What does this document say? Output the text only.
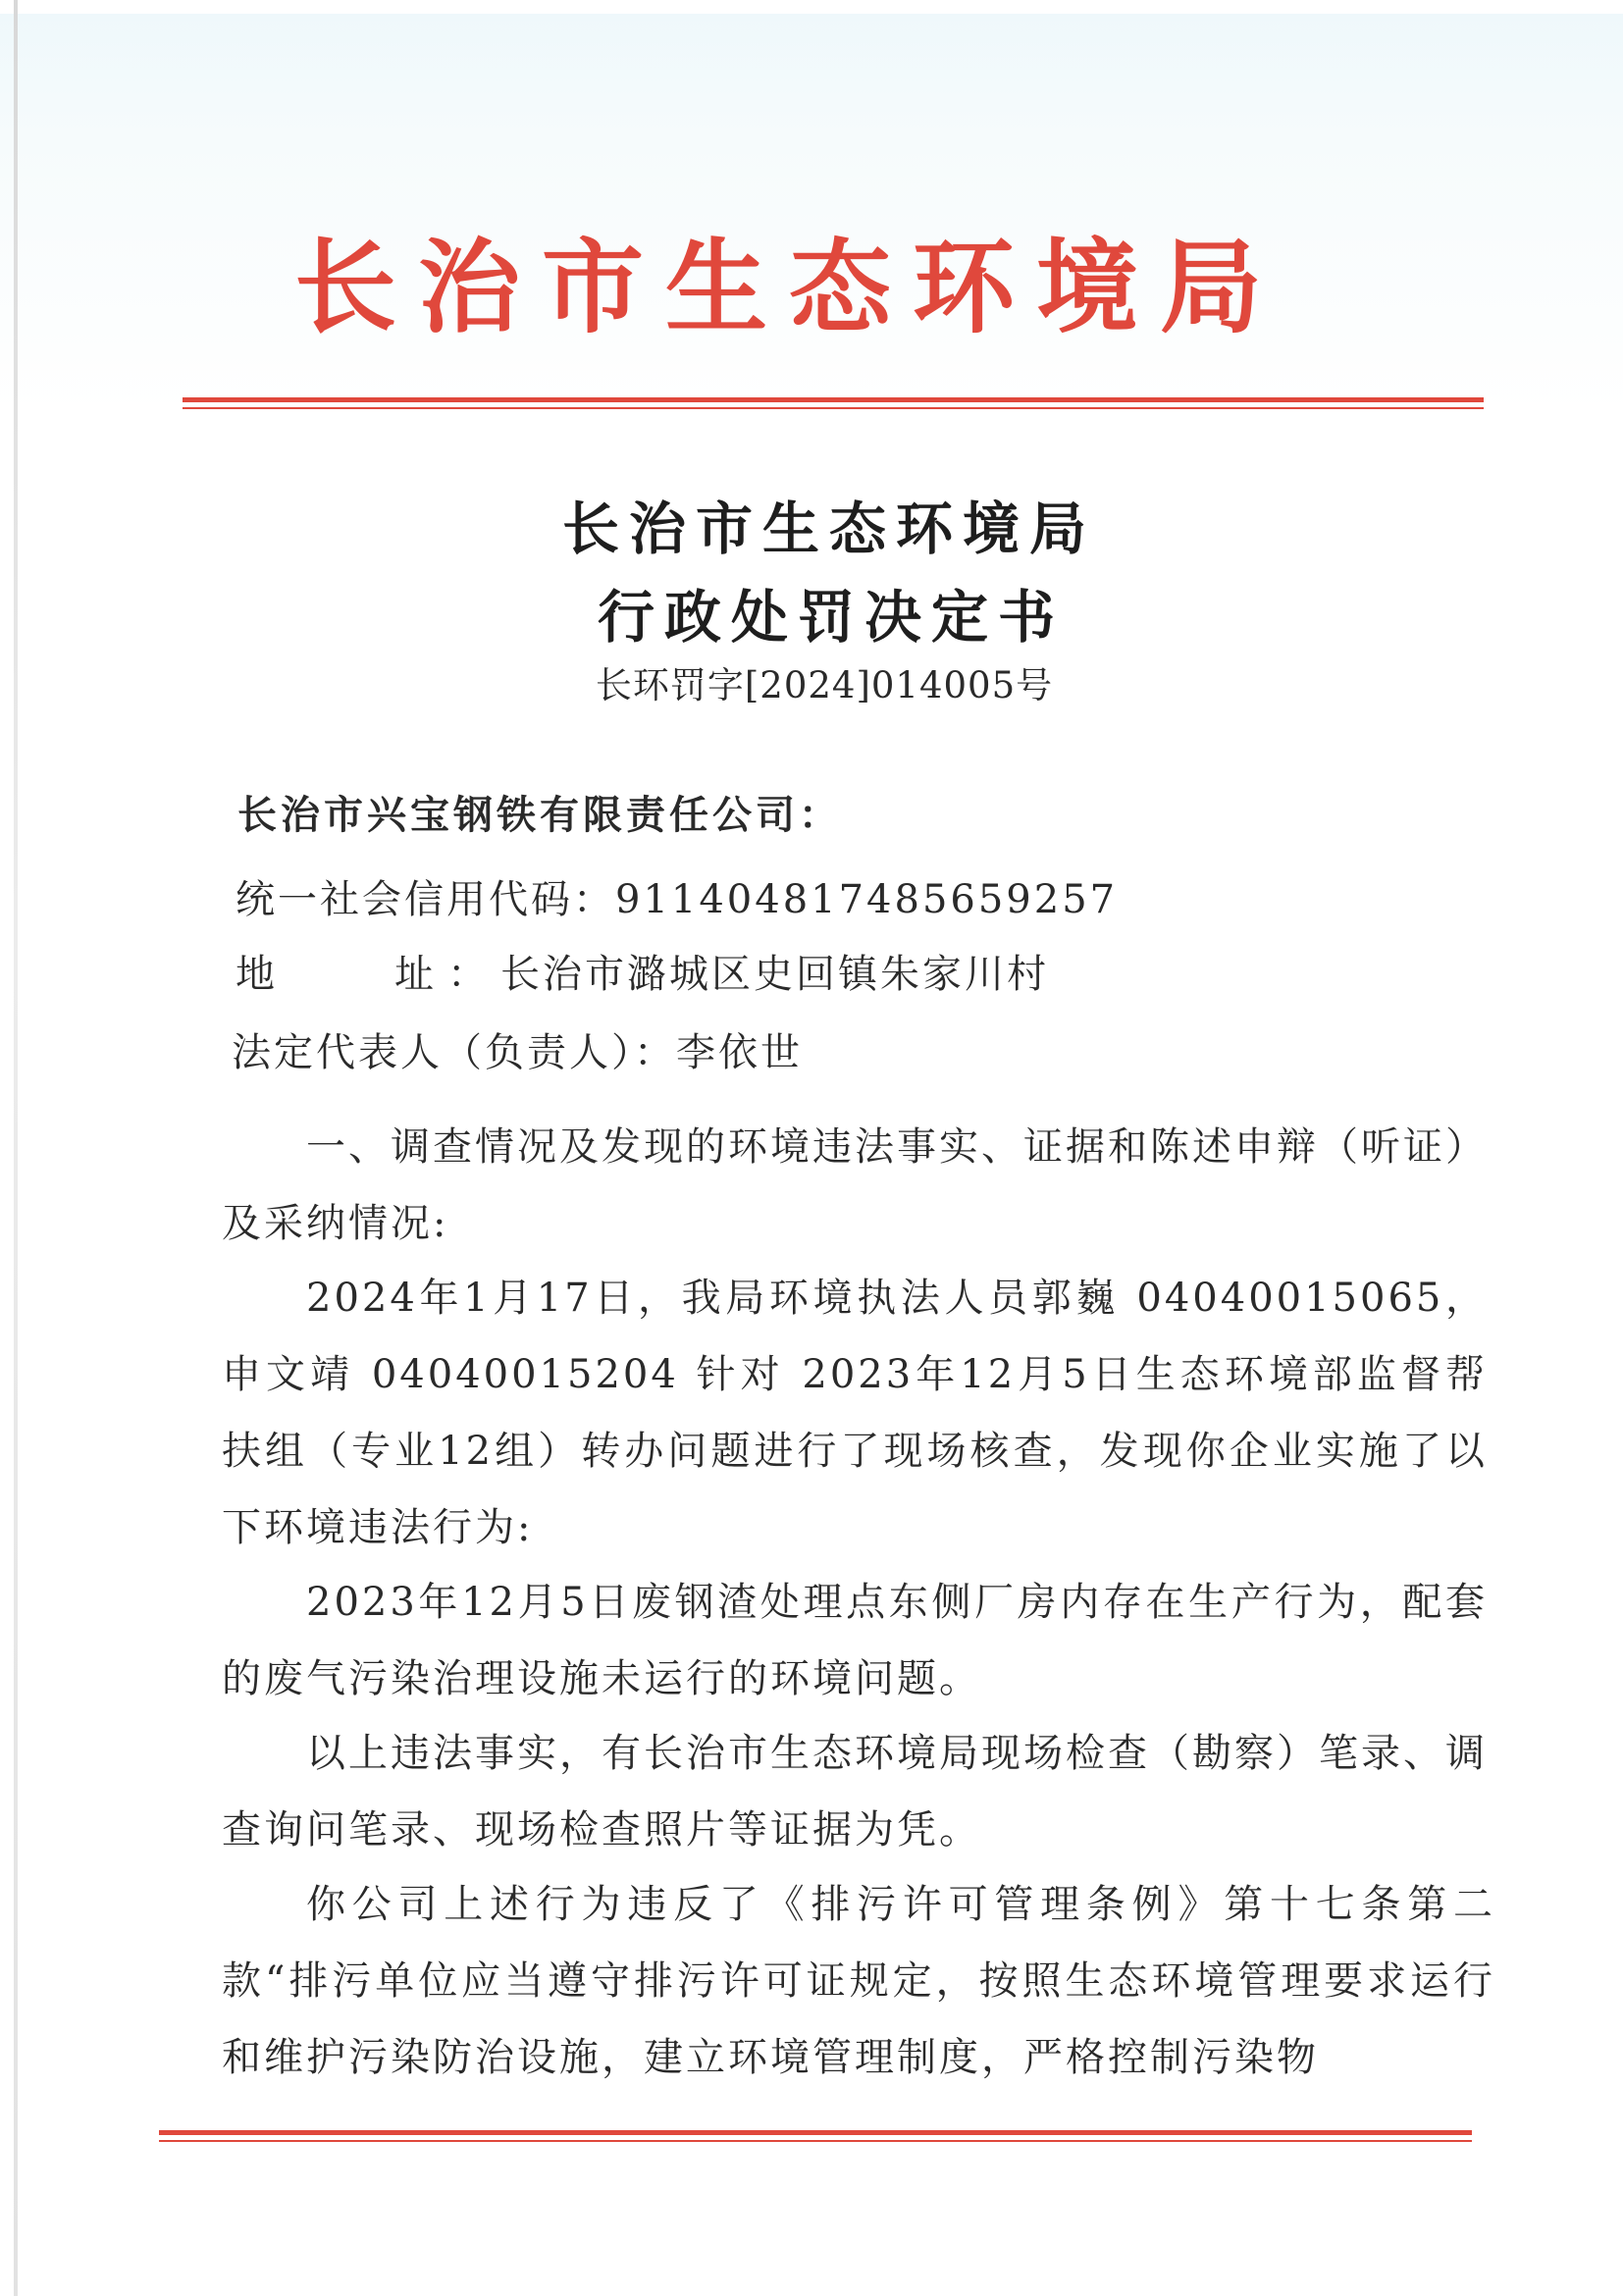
长治市生态环境局
长治市生态环境局
行政处罚决定书
长环罚字[2024]014005号
长治市兴宝钢铁有限责任公司：
统一社会信用代码：911404817485659257
地　　址：长治市潞城区史回镇朱家川村
法定代表人（负责人）：李依世
一、调查情况及发现的环境违法事实、证据和陈述申辩（听证）及采纳情况:
2024年1月17日，我局环境执法人员郭巍 04040015065，申文靖 04040015204 针对 2023年12月5日生态环境部监督帮扶组（专业12组）转办问题进行了现场核查，发现你企业实施了以下环境违法行为:
2023年12月5日废钢渣处理点东侧厂房内存在生产行为，配套的废气污染治理设施未运行的环境问题。
以上违法事实，有长治市生态环境局现场检查（勘察）笔录、调查询问笔录、现场检查照片等证据为凭。
你公司上述行为违反了《排污许可管理条例》第十七条第二款“排污单位应当遵守排污许可证规定，按照生态环境管理要求运行和维护污染防治设施，建立环境管理制度，严格控制污染物
